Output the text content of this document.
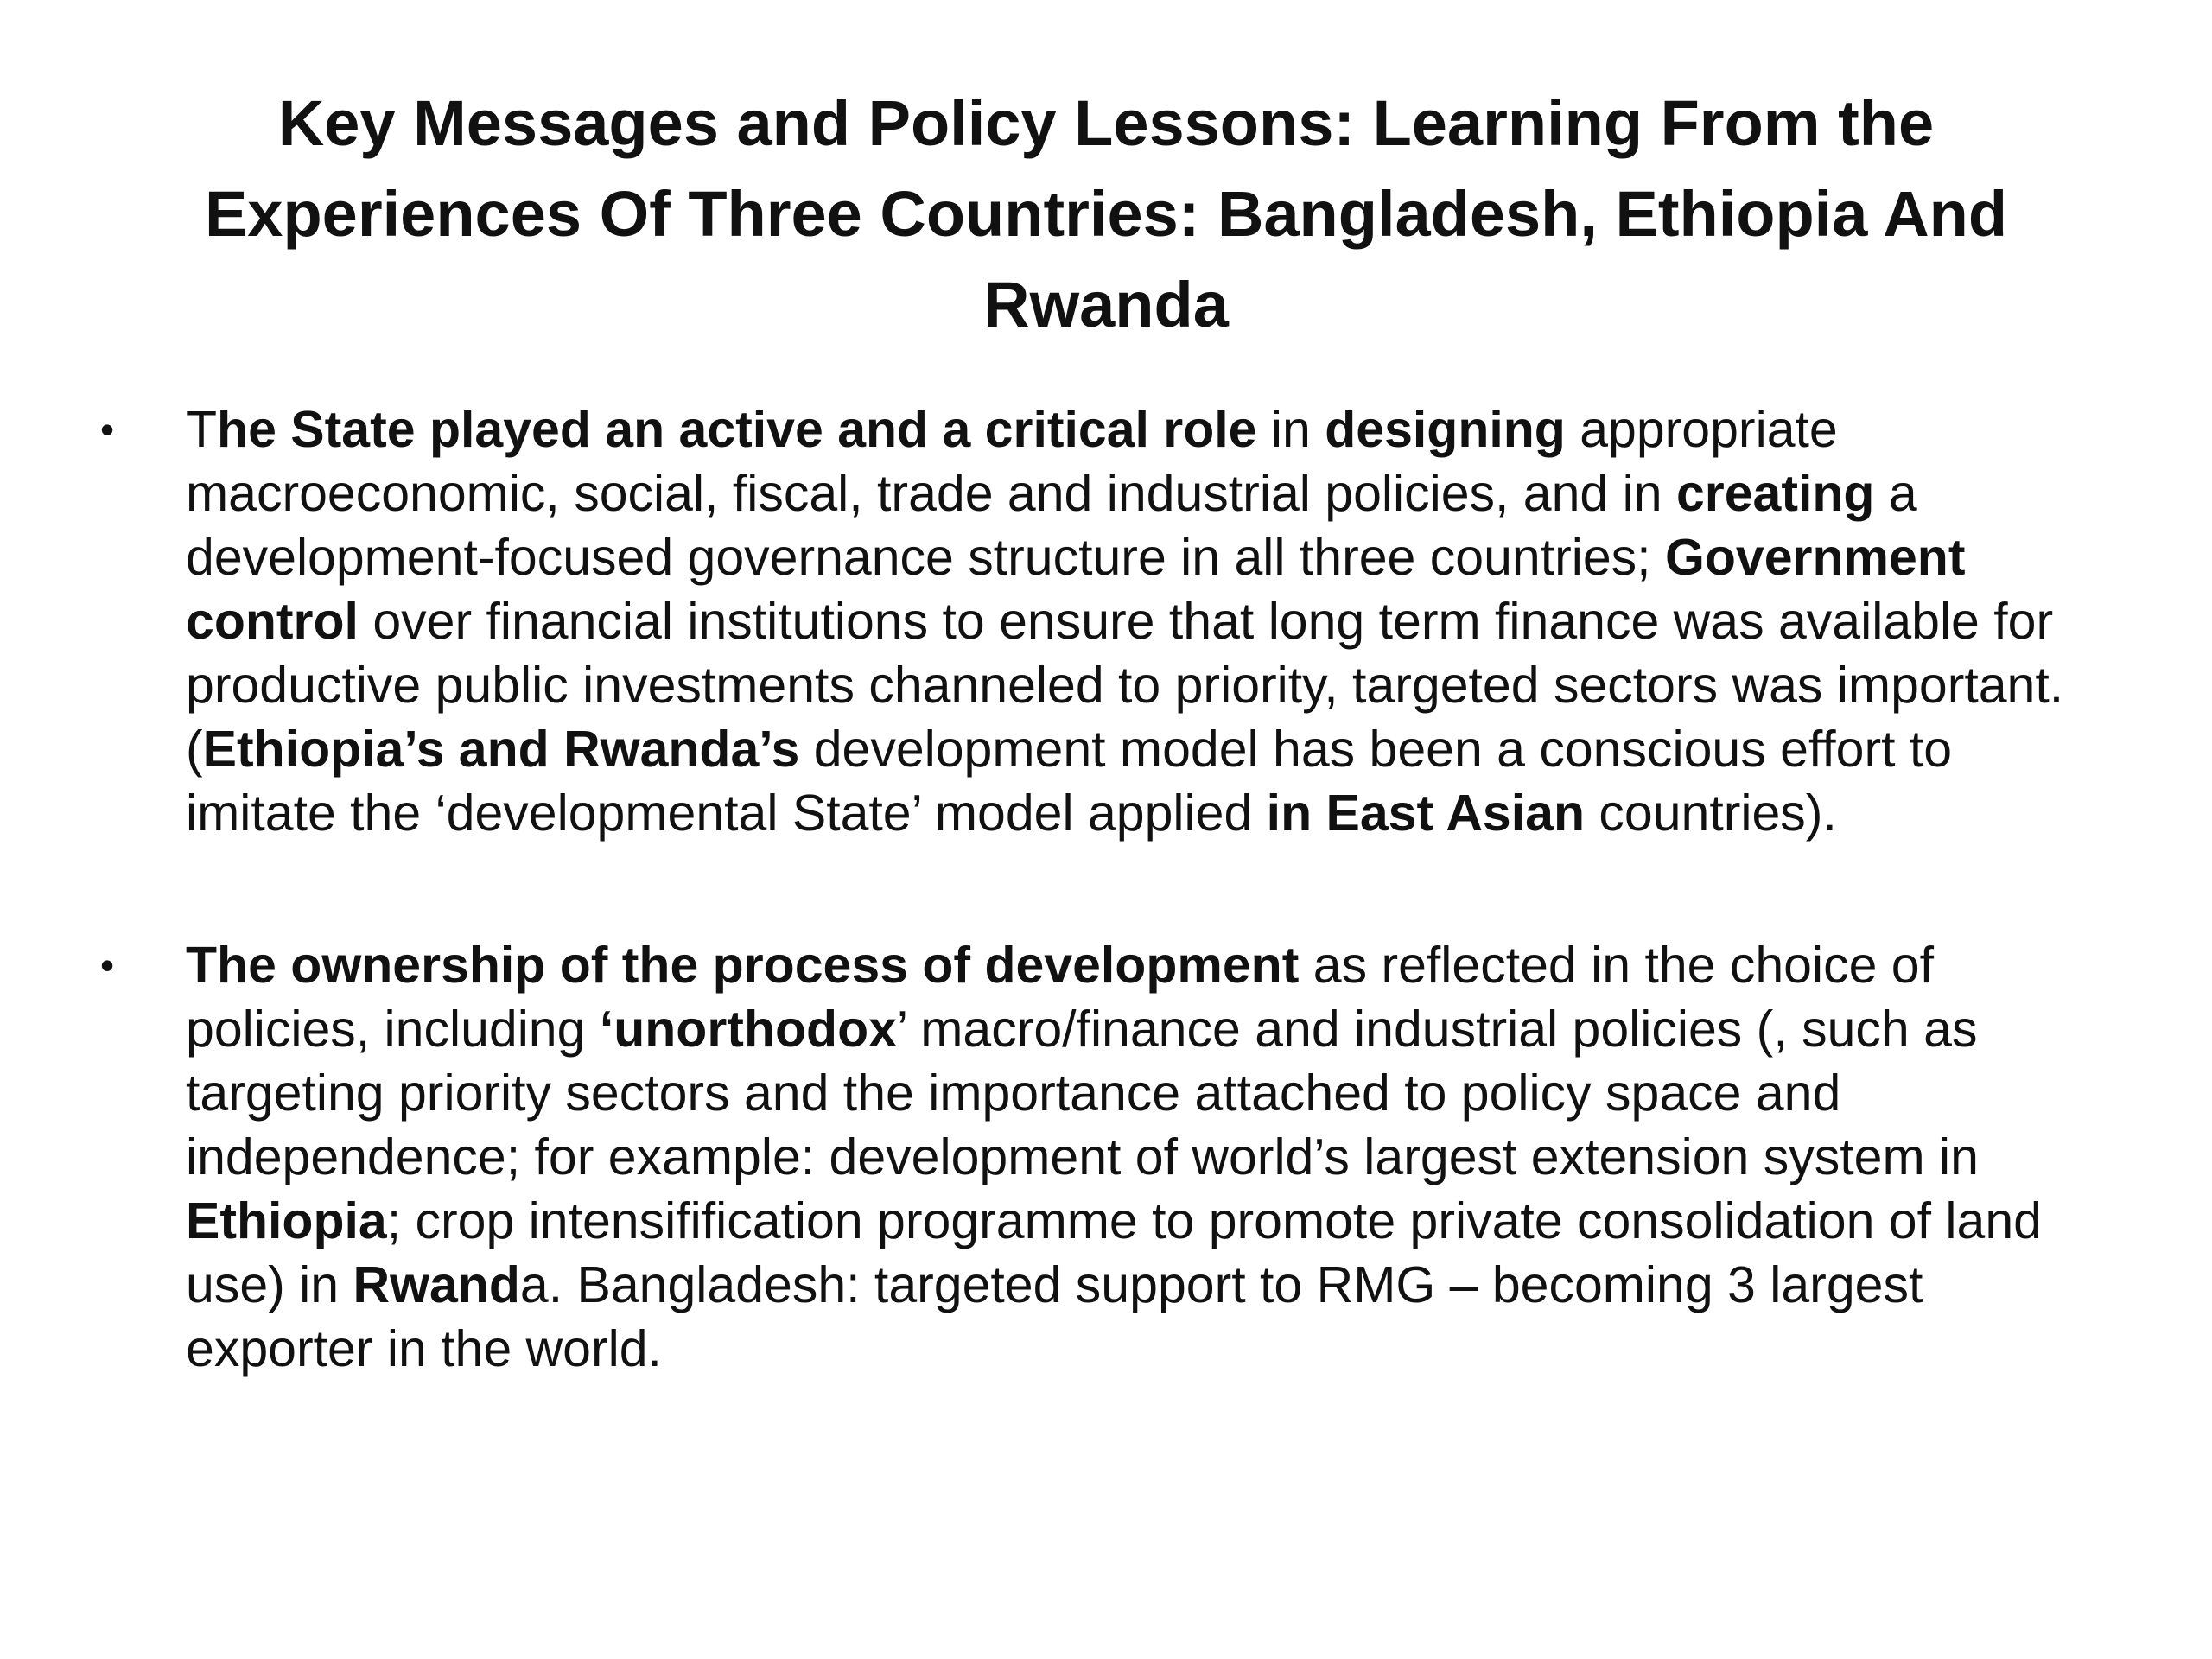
Key Messages and Policy Lessons: Learning From the Experiences Of Three Countries: Bangladesh, Ethiopia And Rwanda

• The State played an active and a critical role in designing appropriate macroeconomic, social, fiscal, trade and industrial policies, and in creating a development-focused governance structure in all three countries; Government control over financial institutions to ensure that long term finance was available for productive public investments channeled to priority, targeted sectors was important. (Ethiopia’s and Rwanda’s development model has been a conscious effort to imitate the ‘developmental State’ model applied in East Asian countries).

• The ownership of the process of development as reflected in the choice of policies, including ‘unorthodox’ macro/finance and industrial policies (, such as targeting priority sectors and the importance attached to policy space and independence; for example: development of world’s largest extension system in Ethiopia; crop intensifification programme to promote private consolidation of land use) in Rwanda. Bangladesh: targeted support to RMG – becoming 3 largest exporter in the world.
